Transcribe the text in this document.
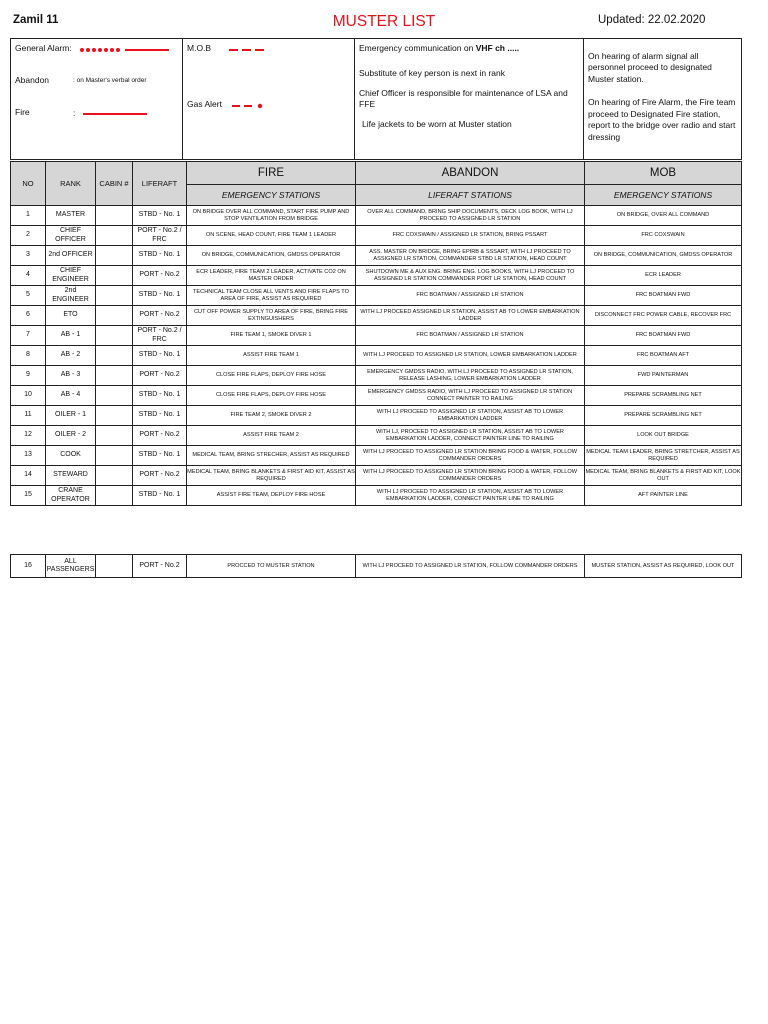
Zamil 11	MUSTER LIST	Updated: 22.02.2020
General Alarm:
Abandon	: on Master's verbal order
Fire	:

M.O.B
Gas Alert

Emergency communication on VHF ch .....
Substitute of key person is next in rank
Chief Officer is responsible for maintenance of LSA and FFE
Life jackets to be worn at Muster station

On hearing of alarm signal all personnel proceed to designated Muster station.
On hearing of Fire Alarm, the Fire team proceed to Designated Fire station, report to the bridge over radio and start dressing
NO	RANK	CABIN #	LIFERAFT	FIRE	ABANDON	MOB
				EMERGENCY STATIONS	LIFERAFT STATIONS	EMERGENCY STATIONS
1	MASTER		STBD - No. 1	ON BRIDGE OVER ALL COMMAND, START FIRE PUMP AND STOP VENTILATION FROM BRIDGE	OVER ALL COMMAND, BRING SHIP DOCUMENTS, DECK LOG BOOK, WITH LJ PROCEED TO ASSIGNED LR STATION	ON BRIDGE, OVER ALL COMMAND
2	CHIEF OFFICER		PORT - No.2 / FRC	ON SCENE, HEAD COUNT, FIRE TEAM 1 LEADER	FRC COXSWAIN / ASSIGNED LR STATION, BRING PSSART	FRC COXSWAIN
3	2nd OFFICER		STBD - No. 1	ON BRIDGE, COMMUNICATION, GMDSS OPERATOR	ASS. MASTER ON BRIDGE, BRING EPIRB & SSSART, WITH LJ PROCEED TO ASSIGNED LR STATION, COMMANDER STBD LR STATION, HEAD COUNT	ON BRIDGE, COMMUNICATION, GMDSS OPERATOR
4	CHIEF ENGINEER		PORT - No.2	ECR LEADER, FIRE TEAM 2 LEADER, ACTIVATE CO2 ON MASTER ORDER	SHUTDOWN ME & AUX ENG. BRING ENG. LOG BOOKS, WITH LJ PROCEED TO ASSIGNED LR STATION COMMANDER PORT LR STATION, HEAD COUNT	ECR LEADER
5	2nd ENGINEER		STBD - No. 1	TECHNICAL TEAM CLOSE ALL VENTS AND FIRE FLAPS TO AREA OF FIRE, ASSIST AS REQUIRED	FRC BOATMAN / ASSIGNED LR STATION	FRC BOATMAN FWD
6	ETO		PORT - No.2	CUT OFF POWER SUPPLY TO AREA OF FIRE, BRING FIRE EXTINGUISHERS	WITH LJ PROCEED ASSIGNED LR STATION, ASSIST AB TO LOWER EMBARKATION LADDER	DISCONNECT FRC POWER CABLE, RECOVER FRC
7	AB - 1		PORT - No.2 / FRC	FIRE TEAM 1, SMOKE DIVER 1	FRC BOATMAN / ASSIGNED LR STATION	FRC BOATMAN FWD
8	AB - 2		STBD - No. 1	ASSIST FIRE TEAM 1	WITH LJ PROCEED TO ASSIGNED LR STATION, LOWER EMBARKATION LADDER	FRC BOATMAN AFT
9	AB - 3		PORT - No.2	CLOSE FIRE FLAPS, DEPLOY FIRE HOSE	EMERGENCY GMDSS RADIO, WITH LJ PROCEED TO ASSIGNED LR STATION, RELEASE LASHING, LOWER EMBARKATION LADDER	FWD PAINTERMAN
10	AB - 4		STBD - No. 1	CLOSE FIRE FLAPS, DEPLOY FIRE HOSE	EMERGENCY GMDSS RADIO, WITH LJ PROCEED TO ASSIGNED LR STATION CONNECT PAINTER TO RAILING	PREPARE SCRAMBLING NET
11	OILER - 1		STBD - No. 1	FIRE TEAM 2, SMOKE DIVER 2	WITH LJ PROCEED TO ASSIGNED LR STATION, ASSIST AB TO LOWER EMBARKATION LADDER	PREPARE SCRAMBLING NET
12	OILER - 2		PORT - No.2	ASSIST FIRE TEAM 2	WITH LJ, PROCEED TO ASSIGNED LR STATION, ASSIST AB TO LOWER EMBARKATION LADDER, CONNECT PAINTER LINE TO RAILING	LOOK OUT BRIDGE
13	COOK		STBD - No. 1	MEDICAL TEAM, BRING STRECHER, ASSIST AS REQUIRED	WITH LJ PROCEED TO ASSIGNED LR STATION BRING FOOD & WATER, FOLLOW COMMANDER ORDERS	MEDICAL TEAM LEADER, BRING STRETCHER, ASSIST AS REQUIRED
14	STEWARD		PORT - No.2	MEDICAL TEAM, BRING BLANKETS & FIRST AID KIT, ASSIST AS REQUIRED	WITH LJ PROCEED TO ASSIGNED LR STATION BRING FOOD & WATER, FOLLOW COMMANDER ORDERS	MEDICAL TEAM, BRING BLANKETS & FIRST AID KIT, LOOK OUT
15	CRANE OPERATOR		STBD - No. 1	ASSIST FIRE TEAM, DEPLOY FIRE HOSE	WITH LJ PROCEED TO ASSIGNED LR STATION, ASSIST AB TO LOWER EMBARKATION LADDER, CONNECT PAINTER LINE TO RAILING	AFT PAINTER LINE
16	ALL PASSENGERS		PORT - No.2	PROCCED TO MUSTER STATION	WITH LJ PROCEED TO ASSIGNED LR STATION, FOLLOW COMMANDER ORDERS	MUSTER STATION, ASSIST AS REQUIRED, LOOK OUT
